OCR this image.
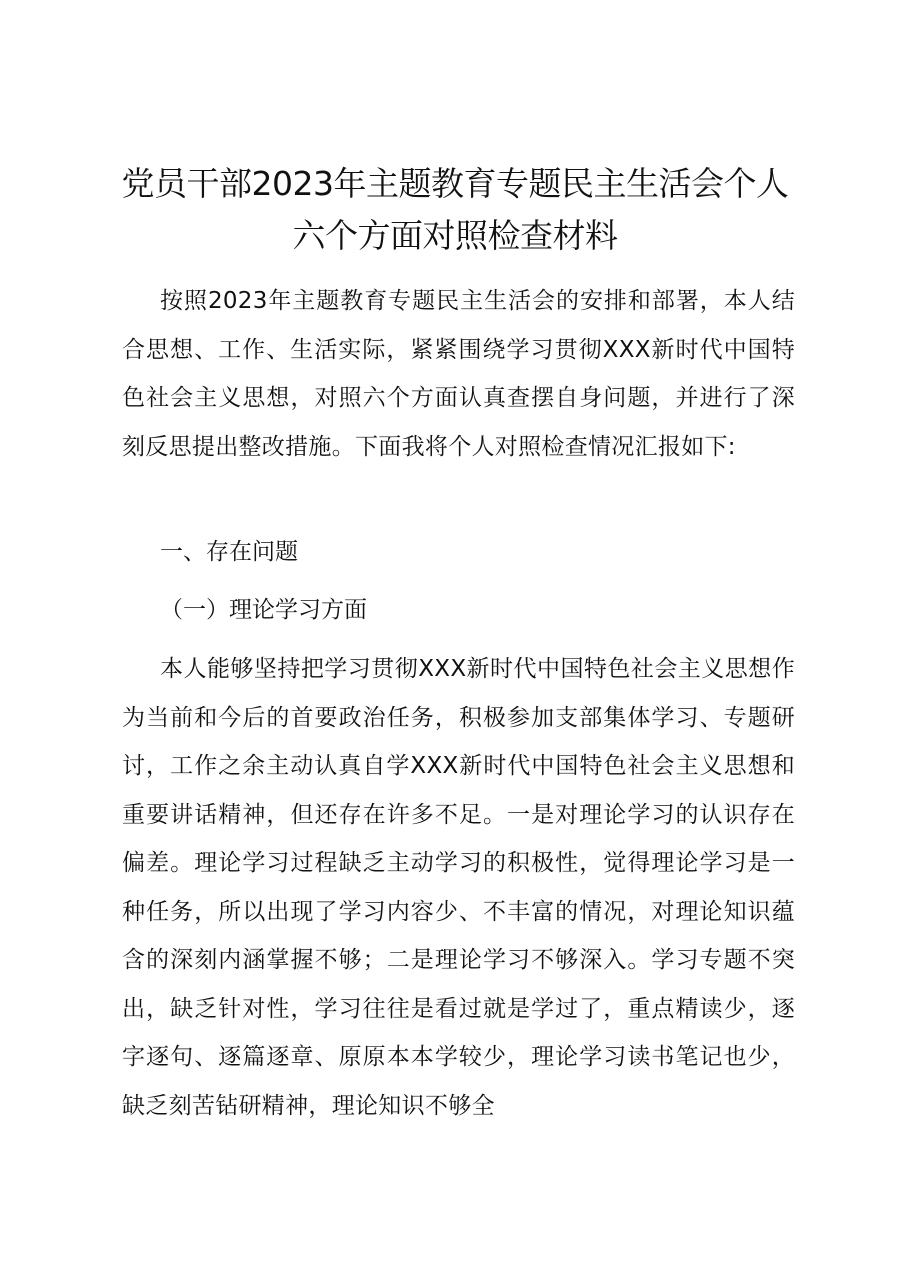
党员干部2023年主题教育专题民主生活会个人六个方面对照检查材料

按照2023年主题教育专题民主生活会的安排和部署，本人结合思想、工作、生活实际，紧紧围绕学习贯彻XXX新时代中国特色社会主义思想，对照六个方面认真查摆自身问题，并进行了深刻反思提出整改措施。下面我将个人对照检查情况汇报如下:

一、存在问题

（一）理论学习方面

本人能够坚持把学习贯彻XXX新时代中国特色社会主义思想作为当前和今后的首要政治任务，积极参加支部集体学习、专题研讨，工作之余主动认真自学XXX新时代中国特色社会主义思想和重要讲话精神，但还存在许多不足。一是对理论学习的认识存在偏差。理论学习过程缺乏主动学习的积极性，觉得理论学习是一种任务，所以出现了学习内容少、不丰富的情况，对理论知识蕴含的深刻内涵掌握不够；二是理论学习不够深入。学习专题不突出，缺乏针对性，学习往往是看过就是学过了，重点精读少，逐字逐句、逐篇逐章、原原本本学较少，理论学习读书笔记也少，缺乏刻苦钻研精神，理论知识不够全
